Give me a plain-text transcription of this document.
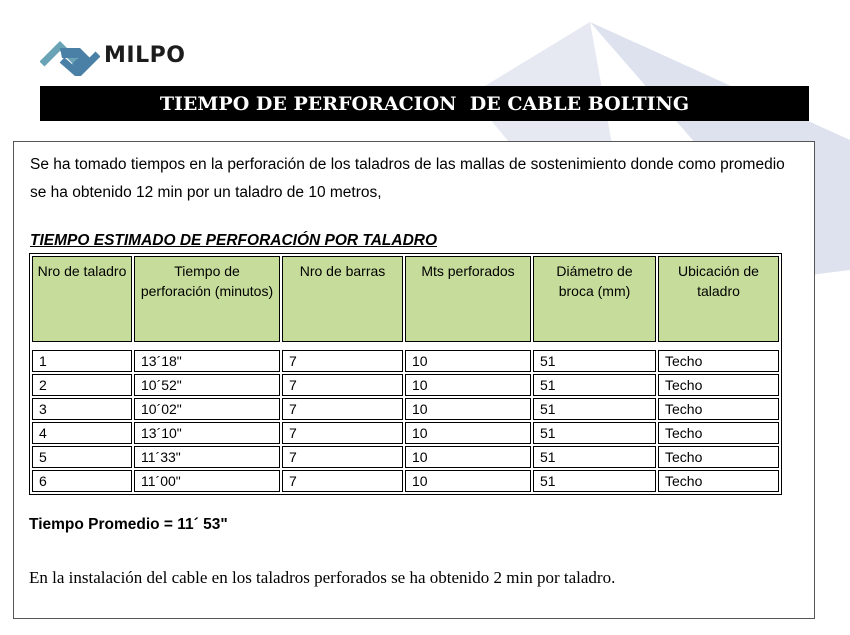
MILPO
TIEMPO DE PERFORACION  DE CABLE BOLTING

Se ha tomado tiempos en la perforación de los taladros de las mallas de sostenimiento donde como promedio se ha obtenido 12 min por un taladro de 10 metros,

TIEMPO ESTIMADO DE PERFORACIÓN POR TALADRO

Nro de taladro	Tiempo de perforación (minutos)	Nro de barras	Mts perforados	Diámetro de broca (mm)	Ubicación de taladro

1	13´18"	7	10	51	Techo
2	10´52"	7	10	51	Techo
3	10´02"	7	10	51	Techo
4	13´10"	7	10	51	Techo
5	11´33"	7	10	51	Techo
6	11´00"	7	10	51	Techo

Tiempo Promedio = 11´ 53"

En la instalación del cable en los taladros perforados se ha obtenido 2 min por taladro.
